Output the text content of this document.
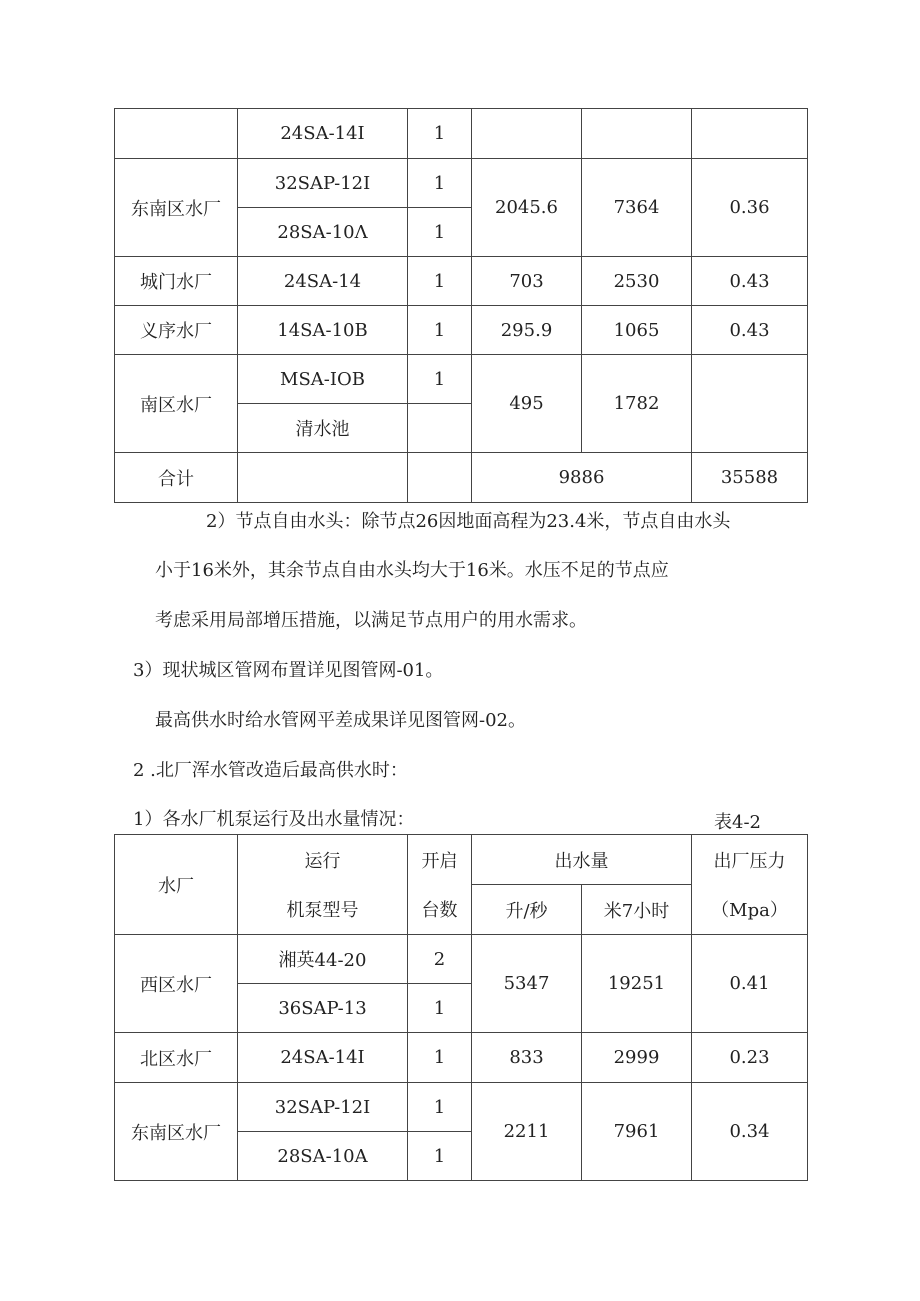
	24SA-14I	1			
东南区水厂	32SAP-12I	1	2045.6	7364	0.36
	28SA-10Λ	1			
城门水厂	24SA-14	1	703	2530	0.43
义序水厂	14SA-10B	1	295.9	1065	0.43
南区水厂	MSA-IOB	1	495	1782	
	清水池				
合计			9886		35588
2）节点自由水头：除节点26因地面高程为23.4米，节点自由水头
小于16米外，其余节点自由水头均大于16米。水压不足的节点应
考虑采用局部增压措施，以满足节点用户的用水需求。
3）现状城区管网布置详见图管网-01。
最高供水时给水管网平差成果详见图管网-02。
2 .北厂浑水管改造后最高供水时：
1）各水厂机泵运行及出水量情况：	表4-2
水厂	运行	开启	出水量		出厂压力
	机泵型号	台数	升/秒	米7小时	（Mpa）
西区水厂	湘英44-20	2	5347	19251	0.41
	36SAP-13	1			
北区水厂	24SA-14I	1	833	2999	0.23
东南区水厂	32SAP-12I	1	2211	7961	0.34
	28SA-10A	1			
